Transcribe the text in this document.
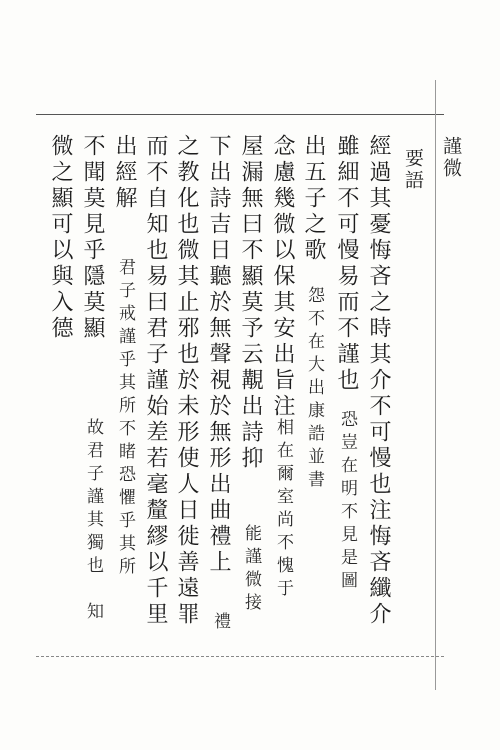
謹微
要語
經過其憂悔吝之時其介不可慢也注悔吝纖介
雖細不可慢易而不謹也
恐豈在明不見是圖
出五子之歌
怨不在大出康誥並書
念慮幾微以保其安出旨注
相在爾室尚不愧于
屋漏無曰不顯莫予云覯出詩抑
能謹微接
下出詩吉日聽於無聲視於無形出曲禮上
禮
之教化也微其止邪也於未形使人日徙善遠罪
而不自知也易曰君子謹始差若毫釐繆以千里
出經解
君子戒謹乎其所不睹恐懼乎其所
不聞莫見乎隱莫顯
故君子謹其獨也　知
微之顯可以與入德
